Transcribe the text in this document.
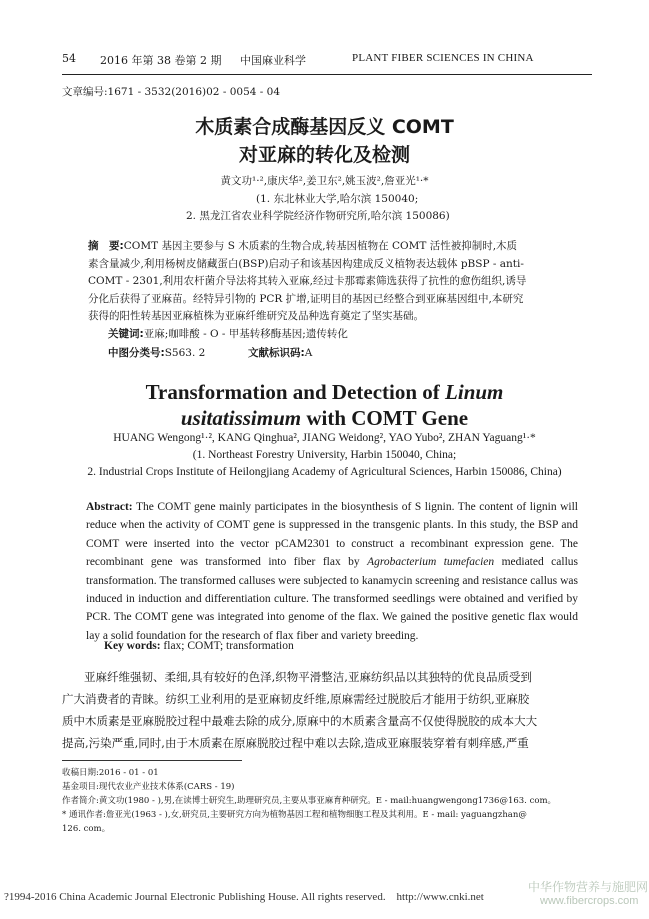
54 2016 年第 38 卷第 2 期 中国麻业科学	PLANT FIBER SCIENCES IN CHINA
文章编号:1671 - 3532(2016)02 - 0054 - 04
木质素合成酶基因反义 COMT
对亚麻的转化及检测
黄文功¹·²,康庆华²,姜卫东²,姚玉波²,詹亚光¹·*
(1. 东北林业大学,哈尔滨 150040;
2. 黑龙江省农业科学院经济作物研究所,哈尔滨 150086)
摘　要:COMT 基因主要参与 S 木质素的生物合成,转基因植物在 COMT 活性被抑制时,木质
素含量减少,利用杨树皮储藏蛋白(BSP)启动子和该基因构建成反义植物表达载体 pBSP - anti-
COMT - 2301,利用农杆菌介导法将其转入亚麻,经过卡那霉素筛选获得了抗性的愈伤组织,诱导
分化后获得了亚麻苗。经特异引物的 PCR 扩增,证明目的基因已经整合到亚麻基因组中,本研究
获得的阳性转基因亚麻植株为亚麻纤维研究及品种选育奠定了坚实基础。
关键词:亚麻;咖啡酸 - O - 甲基转移酶基因;遗传转化
中图分类号:S563. 2	文献标识码:A
Transformation and Detection of Linum
usitatissimum with COMT Gene
HUANG Wengong¹·², KANG Qinghua², JIANG Weidong², YAO Yubo², ZHAN Yaguang¹·*
(1. Northeast Forestry University, Harbin 150040, China;
2. Industrial Crops Institute of Heilongjiang Academy of Agricultural Sciences, Harbin 150086, China)
Abstract: The COMT gene mainly participates in the biosynthesis of S lignin. The content of lignin will reduce when the activity of COMT gene is suppressed in the transgenic plants. In this study, the BSP and COMT were inserted into the vector pCAM2301 to construct a recombinant expression gene. The recombinant gene was transformed into fiber flax by Agrobacterium tumefacien mediated callus transformation. The transformed calluses were subjected to kanamycin screening and resistance callus was induced in induction and differentiation culture. The transformed seedlings were obtained and verified by PCR. The COMT gene was integrated into genome of the flax. We gained the positive genetic flax would lay a solid foundation for the research of flax fiber and variety breeding.
Key words: flax; COMT; transformation
亚麻纤维强韧、柔细,具有较好的色泽,织物平滑整洁,亚麻纺织品以其独特的优良品质受到
广大消费者的青睐。纺织工业利用的是亚麻韧皮纤维,原麻需经过脱胶后才能用于纺织,亚麻胶
质中木质素是亚麻脱胶过程中最难去除的成分,原麻中的木质素含量高不仅使得脱胶的成本大大
提高,污染严重,同时,由于木质素在原麻脱胶过程中难以去除,造成亚麻服装穿着有刺痒感,严重
收稿日期:2016 - 01 - 01
基金项目:现代农业产业技术体系(CARS - 19)
作者简介:黄文功(1980 - ),男,在读博士研究生,助理研究员,主要从事亚麻育种研究。E - mail:huangwengong1736@163. com。
* 通讯作者:詹亚光(1963 - ),女,研究员,主要研究方向为植物基因工程和植物细胞工程及其利用。E - mail: yaguangzhan@
126. com。
?1994-2016 China Academic Journal Electronic Publishing House. All rights reserved.　http://www.cnki.net
中华作物营养与施肥网
www.fibercrops.com
